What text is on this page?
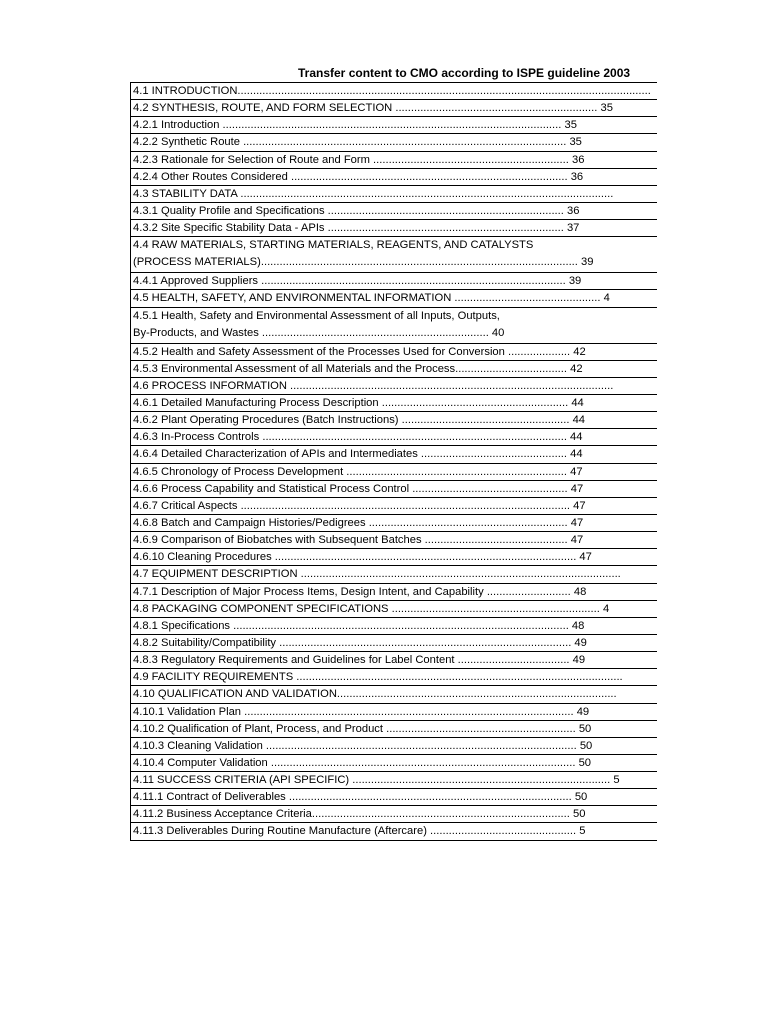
Transfer content to CMO according to ISPE guideline 2003
4.1 INTRODUCTION.....................................................................................................................................
4.2 SYNTHESIS, ROUTE, AND FORM SELECTION ................................................................. 35
4.2.1 Introduction ............................................................................................................. 35
4.2.2 Synthetic Route ........................................................................................................ 35
4.2.3 Rationale for Selection of Route and Form ............................................................... 36
4.2.4 Other Routes Considered ......................................................................................... 36
4.3 STABILITY DATA ........................................................................................................................
4.3.1 Quality Profile and Specifications ............................................................................ 36
4.3.2 Site Specific Stability Data - APIs ............................................................................ 37
4.4 RAW MATERIALS, STARTING MATERIALS, REAGENTS, AND CATALYSTS
(PROCESS MATERIALS)...................................................................................................... 39
4.4.1 Approved Suppliers .................................................................................................. 39
4.5 HEALTH, SAFETY, AND ENVIRONMENTAL INFORMATION ............................................... 4
4.5.1 Health, Safety and Environmental Assessment of all Inputs, Outputs,
By-Products, and Wastes ......................................................................... 40
4.5.2 Health and Safety Assessment of the Processes Used for Conversion .................... 42
4.5.3 Environmental Assessment of all Materials and the Process.................................... 42
4.6 PROCESS INFORMATION ........................................................................................................
4.6.1 Detailed Manufacturing Process Description ............................................................ 44
4.6.2 Plant Operating Procedures (Batch Instructions) ...................................................... 44
4.6.3 In-Process Controls .................................................................................................. 44
4.6.4 Detailed Characterization of APIs and Intermediates ............................................... 44
4.6.5 Chronology of Process Development ....................................................................... 47
4.6.6 Process Capability and Statistical Process Control .................................................. 47
4.6.7 Critical Aspects .......................................................................................................... 47
4.6.8 Batch and Campaign Histories/Pedigrees ................................................................ 47
4.6.9 Comparison of Biobatches with Subsequent Batches .............................................. 47
4.6.10 Cleaning Procedures ................................................................................................. 47
4.7 EQUIPMENT DESCRIPTION .......................................................................................................
4.7.1 Description of Major Process Items, Design Intent, and Capability ........................... 48
4.8 PACKAGING COMPONENT SPECIFICATIONS ................................................................... 4
4.8.1 Specifications ............................................................................................................ 48
4.8.2 Suitability/Compatibility .............................................................................................. 49
4.8.3 Regulatory Requirements and Guidelines for Label Content .................................... 49
4.9 FACILITY REQUIREMENTS .........................................................................................................
4.10 QUALIFICATION AND VALIDATION..........................................................................................
4.10.1 Validation Plan .......................................................................................................... 49
4.10.2 Qualification of Plant, Process, and Product ............................................................. 50
4.10.3 Cleaning Validation .................................................................................................... 50
4.10.4 Computer Validation .................................................................................................. 50
4.11 SUCCESS CRITERIA (API SPECIFIC) ................................................................................... 5
4.11.1 Contract of Deliverables ........................................................................................... 50
4.11.2 Business Acceptance Criteria................................................................................... 50
4.11.3 Deliverables During Routine Manufacture (Aftercare) ............................................... 5
